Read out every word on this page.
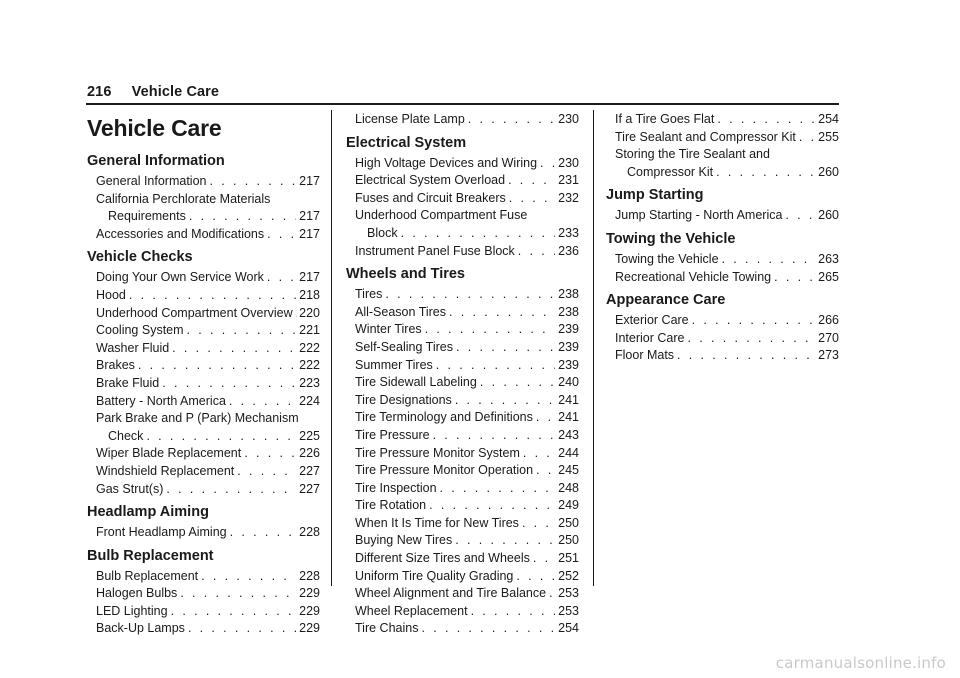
216 Vehicle Care
Vehicle Care
General Information
General Information . . .	217
California Perchlorate Materials
Requirements . . .	217
Accessories and Modifications . . .	217
Vehicle Checks
Doing Your Own Service Work . . .	217
Hood . . .	218
Underhood Compartment Overview . . . 220
Cooling System . . .	221
Washer Fluid . . .	222
Brakes . . .	222
Brake Fluid . . .	223
Battery - North America . . .	224
Park Brake and P (Park) Mechanism
Check . . .	225
Wiper Blade Replacement . . .	226
Windshield Replacement . . .	227
Gas Strut(s) . . .	227
Headlamp Aiming
Front Headlamp Aiming . . .	228
Bulb Replacement
Bulb Replacement . . .	228
Halogen Bulbs . . .	229
LED Lighting . . .	229
Back-Up Lamps . . .	229
License Plate Lamp . . .	230
Electrical System
High Voltage Devices and Wiring . . . 230
Electrical System Overload . . .	231
Fuses and Circuit Breakers . . .	232
Underhood Compartment Fuse
Block . . .	233
Instrument Panel Fuse Block . . .	236
Wheels and Tires
Tires . . .	238
All-Season Tires . . .	238
Winter Tires . . .	239
Self-Sealing Tires . . .	239
Summer Tires . . .	239
Tire Sidewall Labeling . . .	240
Tire Designations . . .	241
Tire Terminology and Definitions . . . 241
Tire Pressure . . .	243
Tire Pressure Monitor System . . .	244
Tire Pressure Monitor Operation . . . 245
Tire Inspection . . .	248
Tire Rotation . . .	249
When It Is Time for New Tires . . .	250
Buying New Tires . . .	250
Different Size Tires and Wheels . . . 251
Uniform Tire Quality Grading . . .	252
Wheel Alignment and Tire Balance . . . 253
Wheel Replacement . . .	253
Tire Chains . . .	254
If a Tire Goes Flat . . .	254
Tire Sealant and Compressor Kit . . . 255
Storing the Tire Sealant and
Compressor Kit . . .	260
Jump Starting
Jump Starting - North America . . .	260
Towing the Vehicle
Towing the Vehicle . . .	263
Recreational Vehicle Towing . . .	265
Appearance Care
Exterior Care . . .	266
Interior Care . . .	270
Floor Mats . . .	273
carmanualsonline.info
